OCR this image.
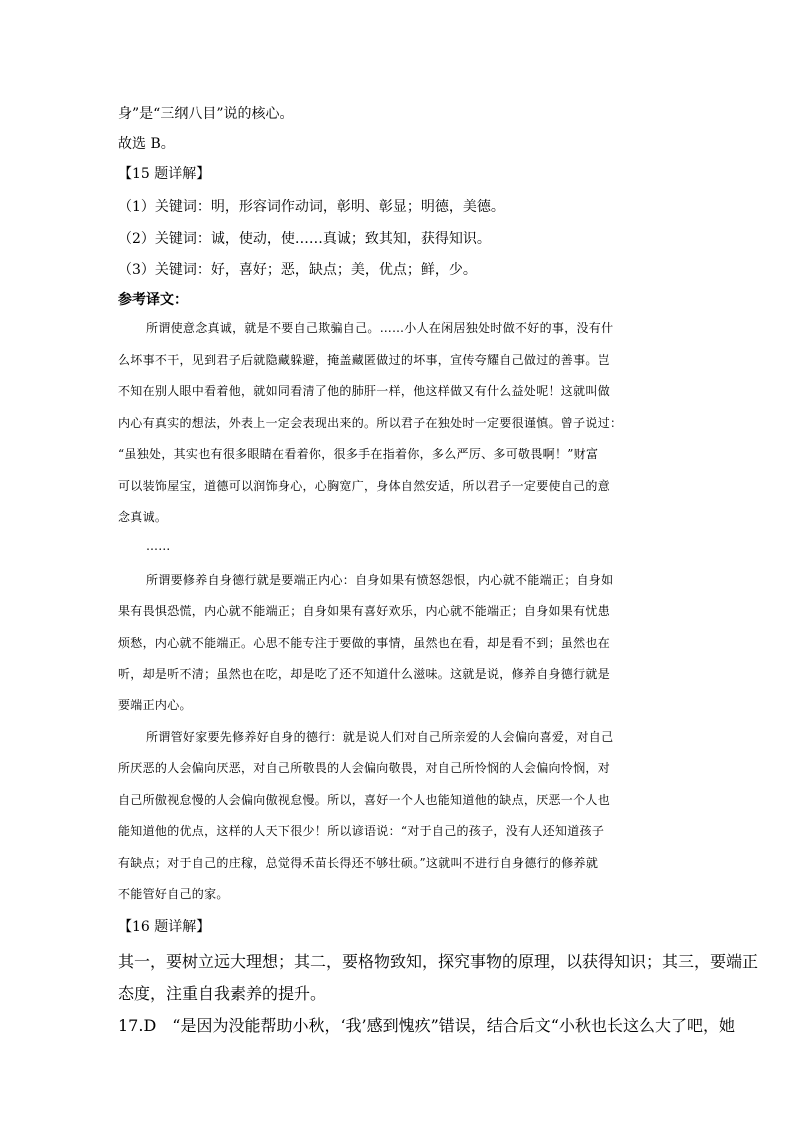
身”是“三纲八目”说的核心。
故选 B。
【15 题详解】
（1）关键词：明，形容词作动词，彰明、彰显；明德，美德。
（2）关键词：诚，使动，使……真诚；致其知，获得知识。
（3）关键词：好，喜好；恶，缺点；美，优点；鲜，少。
参考译文：
所谓使意念真诚，就是不要自己欺骗自己。……小人在闲居独处时做不好的事，没有什
么坏事不干，见到君子后就隐藏躲避，掩盖藏匿做过的坏事，宣传夸耀自己做过的善事。岂
不知在别人眼中看着他，就如同看清了他的肺肝一样，他这样做又有什么益处呢！这就叫做
内心有真实的想法，外表上一定会表现出来的。所以君子在独处时一定要很谨慎。曾子说过：
“虽独处，其实也有很多眼睛在看着你，很多手在指着你，多么严厉、多可敬畏啊！”财富
可以装饰屋宝，道德可以润饰身心，心胸宽广，身体自然安适，所以君子一定要使自己的意
念真诚。
……
所谓要修养自身德行就是要端正内心：自身如果有愤怒怨恨，内心就不能端正；自身如
果有畏惧恐慌，内心就不能端正；自身如果有喜好欢乐，内心就不能端正；自身如果有忧患
烦愁，内心就不能端正。心思不能专注于要做的事情，虽然也在看，却是看不到；虽然也在
听，却是听不清；虽然也在吃，却是吃了还不知道什么滋味。这就是说，修养自身德行就是
要端正内心。
所谓管好家要先修养好自身的德行：就是说人们对自己所亲爱的人会偏向喜爱，对自己
所厌恶的人会偏向厌恶，对自己所敬畏的人会偏向敬畏，对自己所怜悯的人会偏向怜悯，对
自己所傲视怠慢的人会偏向傲视怠慢。所以，喜好一个人也能知道他的缺点，厌恶一个人也
能知道他的优点，这样的人天下很少！所以谚语说：“对于自己的孩子，没有人还知道孩子
有缺点；对于自己的庄稼，总觉得禾苗长得还不够壮硕。”这就叫不进行自身德行的修养就
不能管好自己的家。
【16 题详解】
其一，要树立远大理想；其二，要格物致知，探究事物的原理，以获得知识；其三，要端正
态度，注重自我素养的提升。
17.D　“是因为没能帮助小秋，‘我’感到愧疚”错误，结合后文“小秋也长这么大了吧，她
